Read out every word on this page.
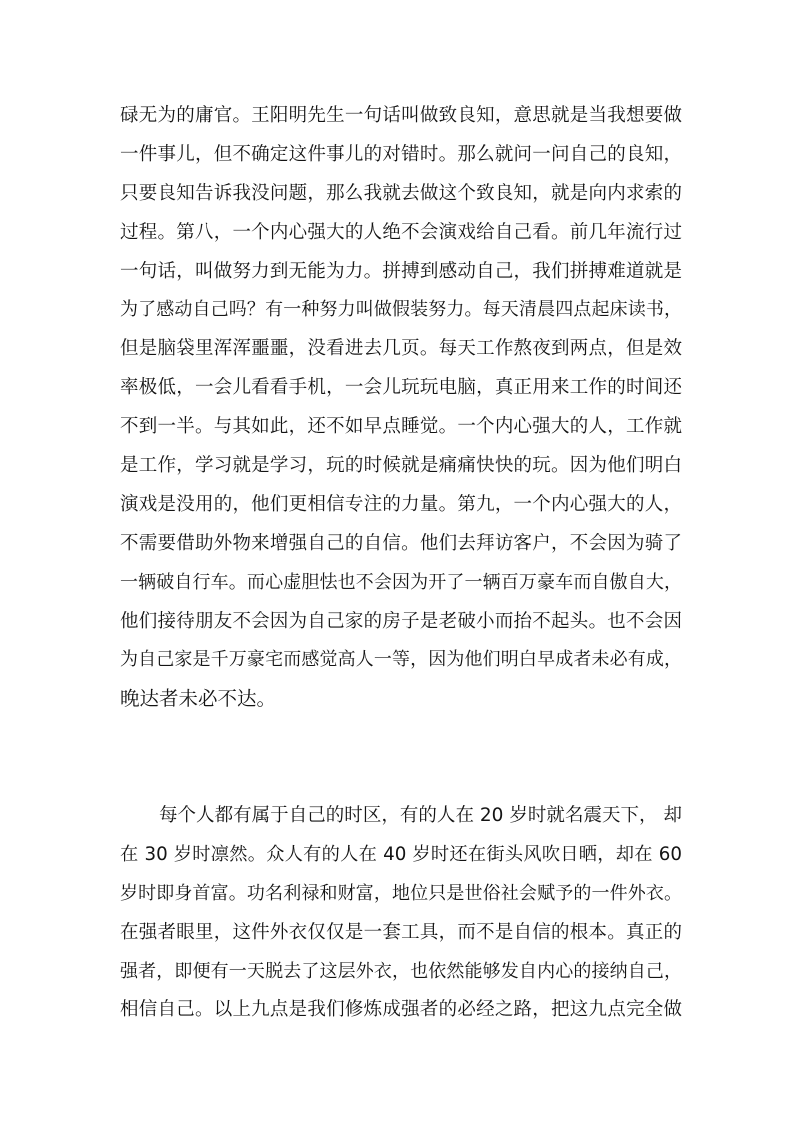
碌无为的庸官。王阳明先生一句话叫做致良知，意思就是当我想要做
一件事儿，但不确定这件事儿的对错时。那么就问一问自己的良知，
只要良知告诉我没问题，那么我就去做这个致良知，就是向内求索的
过程。第八，一个内心强大的人绝不会演戏给自己看。前几年流行过
一句话，叫做努力到无能为力。拼搏到感动自己，我们拼搏难道就是
为了感动自己吗？有一种努力叫做假装努力。每天清晨四点起床读书，
但是脑袋里浑浑噩噩，没看进去几页。每天工作熬夜到两点，但是效
率极低，一会儿看看手机，一会儿玩玩电脑，真正用来工作的时间还
不到一半。与其如此，还不如早点睡觉。一个内心强大的人，工作就
是工作，学习就是学习，玩的时候就是痛痛快快的玩。因为他们明白
演戏是没用的，他们更相信专注的力量。第九，一个内心强大的人，
不需要借助外物来增强自己的自信。他们去拜访客户，不会因为骑了
一辆破自行车。而心虚胆怯也不会因为开了一辆百万豪车而自傲自大，
他们接待朋友不会因为自己家的房子是老破小而抬不起头。也不会因
为自己家是千万豪宅而感觉高人一等，因为他们明白早成者未必有成，
晚达者未必不达。
每个人都有属于自己的时区，有的人在 20 岁时就名震天下， 却
在 30 岁时凛然。众人有的人在 40 岁时还在街头风吹日晒，却在 60
岁时即身首富。功名利禄和财富，地位只是世俗社会赋予的一件外衣。
在强者眼里，这件外衣仅仅是一套工具，而不是自信的根本。真正的
强者，即便有一天脱去了这层外衣，也依然能够发自内心的接纳自己，
相信自己。以上九点是我们修炼成强者的必经之路，把这九点完全做
